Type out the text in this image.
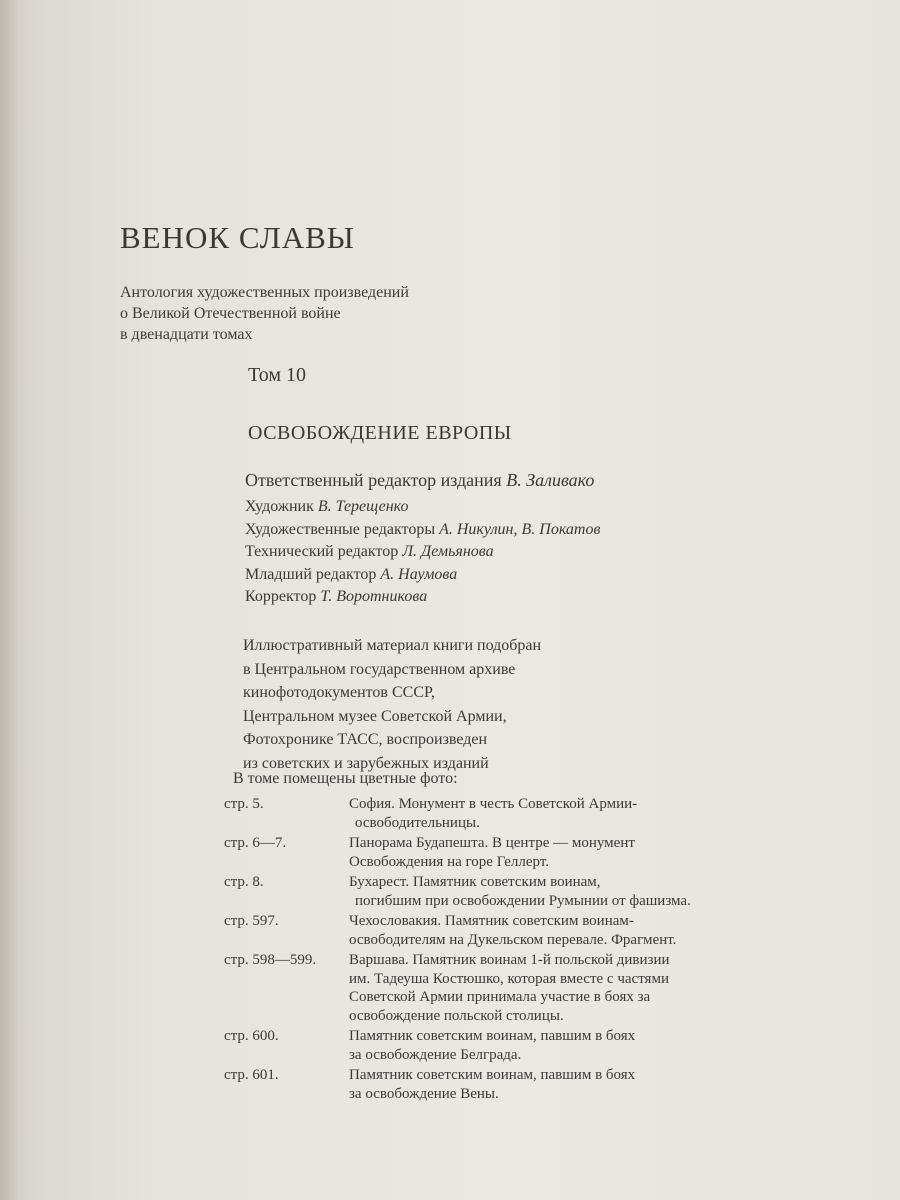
ВЕНОК СЛАВЫ
Антология художественных произведений
о Великой Отечественной войне
в двенадцати томах
Том 10
ОСВОБОЖДЕНИЕ ЕВРОПЫ
Ответственный редактор издания В. Заливако
Художник В. Терещенко
Художественные редакторы А. Никулин, В. Покатов
Технический редактор Л. Демьянова
Младший редактор А. Наумова
Корректор Т. Воротникова
Иллюстративный материал книги подобран
в Центральном государственном архиве
кинофотодокументов СССР,
Центральном музее Советской Армии,
Фотохронике ТАСС, воспроизведен
из советских и зарубежных изданий
В томе помещены цветные фото:
стр. 5.	София. Монумент в честь Советской Армии-
освободительницы.
стр. 6—7.	Панорама Будапешта. В центре — монумент
Освобождения на горе Геллерт.
стр. 8.	Бухарест. Памятник советским воинам,
погибшим при освобождении Румынии от фашизма.
стр. 597.	Чехословакия. Памятник советским воинам-
освободителям на Дукельском перевале. Фрагмент.
стр. 598—599.	Варшава. Памятник воинам 1-й польской дивизии
им. Тадеуша Костюшко, которая вместе с частями
Советской Армии принимала участие в боях за
освобождение польской столицы.
стр. 600.	Памятник советским воинам, павшим в боях
за освобождение Белграда.
стр. 601.	Памятник советским воинам, павшим в боях
за освобождение Вены.
